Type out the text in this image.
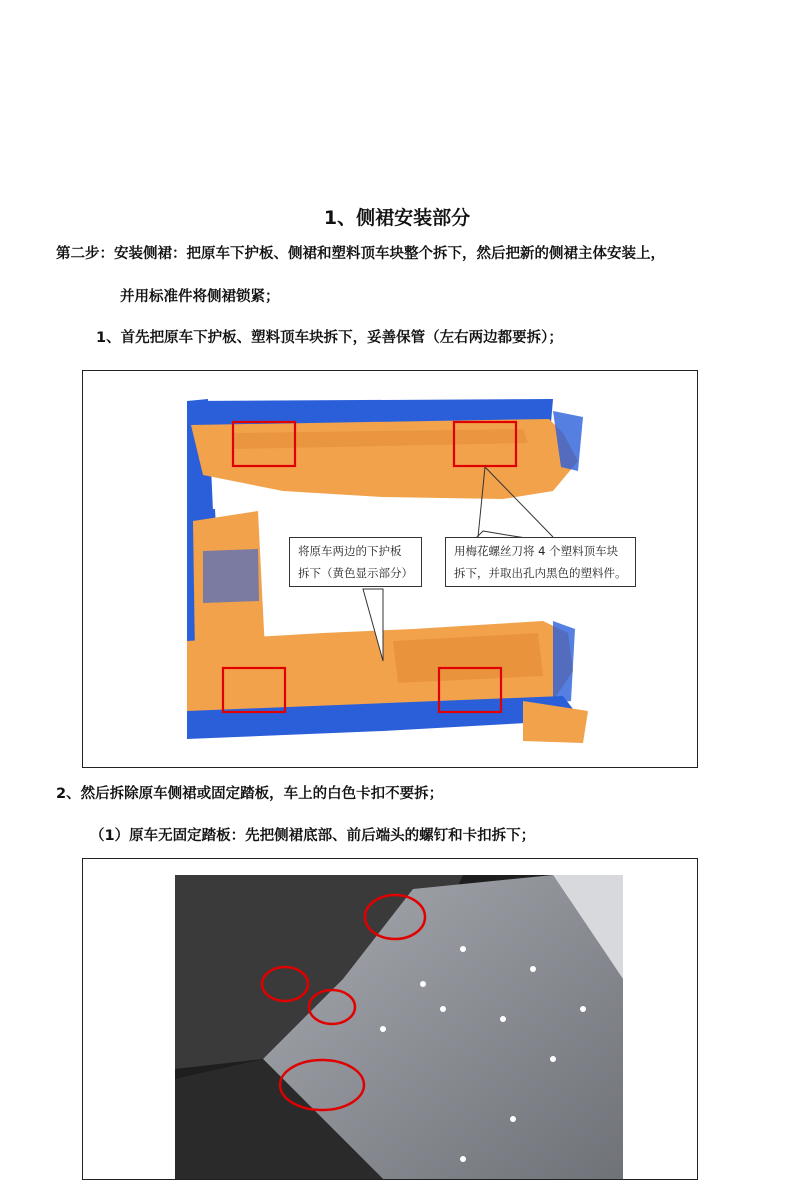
1、侧裙安装部分
第二步：安装侧裙：把原车下护板、侧裙和塑料顶车块整个拆下，然后把新的侧裙主体安装上，
并用标准件将侧裙锁紧；
1、首先把原车下护板、塑料顶车块拆下，妥善保管（左右两边都要拆）；
将原车两边的下护板
拆下（黄色显示部分）
用梅花螺丝刀将 4 个塑料顶车块
拆下，并取出孔内黑色的塑料件。
2、然后拆除原车侧裙或固定踏板，车上的白色卡扣不要拆；
（1）原车无固定踏板：先把侧裙底部、前后端头的螺钉和卡扣拆下；
